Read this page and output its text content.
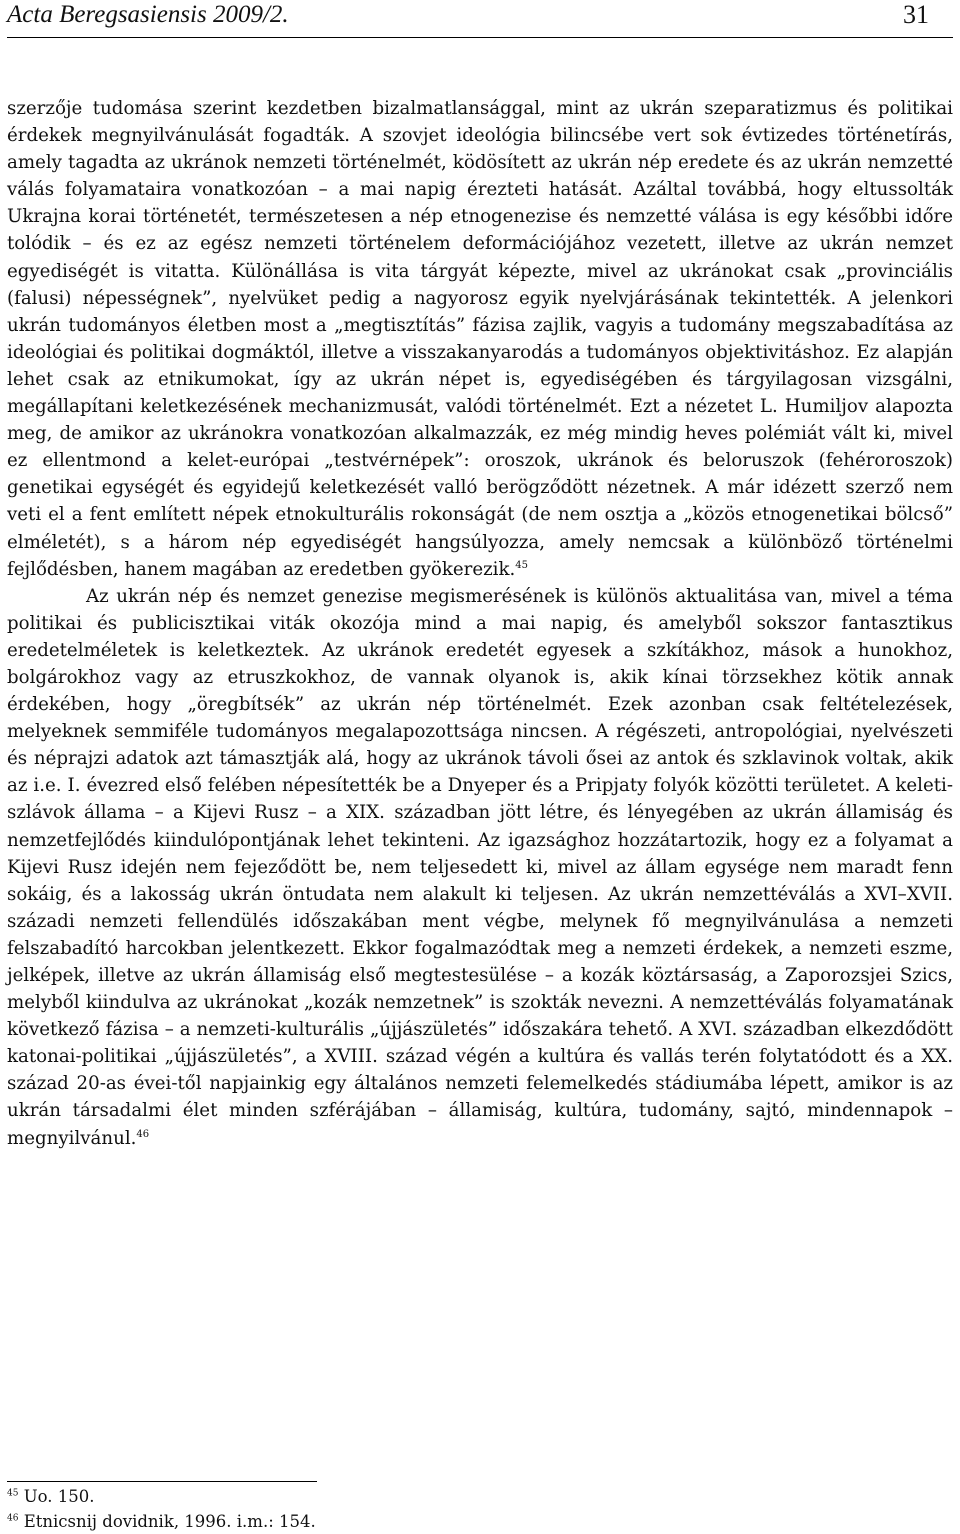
Acta Beregsasiensis 2009/2.	31

szerzője tudomása szerint kezdetben bizalmatlansággal, mint az ukrán szeparatizmus és politikai érdekek megnyilvánulását fogadták. A szovjet ideológia bilincsébe vert sok évtizedes történetírás, amely tagadta az ukránok nemzeti történelmét, ködösített az ukrán nép eredete és az ukrán nemzetté válás folyamataira vonatkozóan – a mai napig érezteti hatását. Azáltal továbbá, hogy eltussolták Ukrajna korai történetét, természetesen a nép etnogenezise és nemzetté válása is egy későbbi időre tolódik – és ez az egész nemzeti történelem deformációjához vezetett, illetve az ukrán nemzet egyediségét is vitatta. Különállása is vita tárgyát képezte, mivel az ukránokat csak „provinciális (falusi) népességnek”, nyelvüket pedig a nagyorosz egyik nyelvjárásának tekintették. A jelenkori ukrán tudományos életben most a „megtisztítás” fázisa zajlik, vagyis a tudomány megszabadítása az ideológiai és politikai dogmáktól, illetve a visszakanyarodás a tudományos objektivitáshoz. Ez alapján lehet csak az etnikumokat, így az ukrán népet is, egyediségében és tárgyilagosan vizsgálni, megállapítani keletkezésének mechanizmusát, valódi történelmét. Ezt a nézetet L. Humiljov alapozta meg, de amikor az ukránokra vonatkozóan alkalmazzák, ez még mindig heves polémiát vált ki, mivel ez ellentmond a kelet-európai „testvérnépek”: oroszok, ukránok és beloruszok (fehéroroszok) genetikai egységét és egyidejű keletkezését valló berögződött nézetnek. A már idézett szerző nem veti el a fent említett népek etnokulturális rokonságát (de nem osztja a „közös etnogenetikai bölcső” elméletét), s a három nép egyediségét hangsúlyozza, amely nemcsak a különböző történelmi fejlődésben, hanem magában az eredetben gyökerezik.$^{45}$

Az ukrán nép és nemzet genezise megismerésének is különös aktualitása van, mivel a téma politikai és publicisztikai viták okozója mind a mai napig, és amelyből sokszor fantasztikus eredetelméletek is keletkeztek. Az ukránok eredetét egyesek a szkítákhoz, mások a hunokhoz, bolgárokhoz vagy az etruszkokhoz, de vannak olyanok is, akik kínai törzsekhez kötik annak érdekében, hogy „öregbítsék” az ukrán nép történelmét. Ezek azonban csak feltételezések, melyeknek semmiféle tudományos megalapozottsága nincsen. A régészeti, antropológiai, nyelvészeti és néprajzi adatok azt támasztják alá, hogy az ukránok távoli ősei az antok és szklavinok voltak, akik az i.e. I. évezred első felében népesítették be a Dnyeper és a Pripjaty folyók közötti területet. A keleti-szlávok állama – a Kijevi Rusz – a XIX. században jött létre, és lényegében az ukrán államiság és nemzetfejlődés kiindulópontjának lehet tekinteni. Az igazsághoz hozzátartozik, hogy ez a folyamat a Kijevi Rusz idején nem fejeződött be, nem teljesedett ki, mivel az állam egysége nem maradt fenn sokáig, és a lakosság ukrán öntudata nem alakult ki teljesen. Az ukrán nemzettéválás a XVI–XVII. századi nemzeti fellendülés időszakában ment végbe, melynek fő megnyilvánulása a nemzeti felszabadító harcokban jelentkezett. Ekkor fogalmazódtak meg a nemzeti érdekek, a nemzeti eszme, jelképek, illetve az ukrán államiság első megtestesülése – a kozák köztársaság, a Zaporozsjei Szics, melyből kiindulva az ukránokat „kozák nemzetnek” is szokták nevezni. A nemzettéválás folyamatának következő fázisa – a nemzeti-kulturális „újjászületés” időszakára tehető. A XVI. században elkezdődött katonai-politikai „újjászületés”, a XVIII. század végén a kultúra és vallás terén folytatódott és a XX. század 20-as évei-től napjainkig egy általános nemzeti felemelkedés stádiumába lépett, amikor is az ukrán társadalmi élet minden szférájában – államiság, kultúra, tudomány, sajtó, mindennapok – megnyilvánul.$^{46}$

$^{45}$ Uo. 150.
$^{46}$ Etnicsnij dovidnik, 1996. i.m.: 154.
